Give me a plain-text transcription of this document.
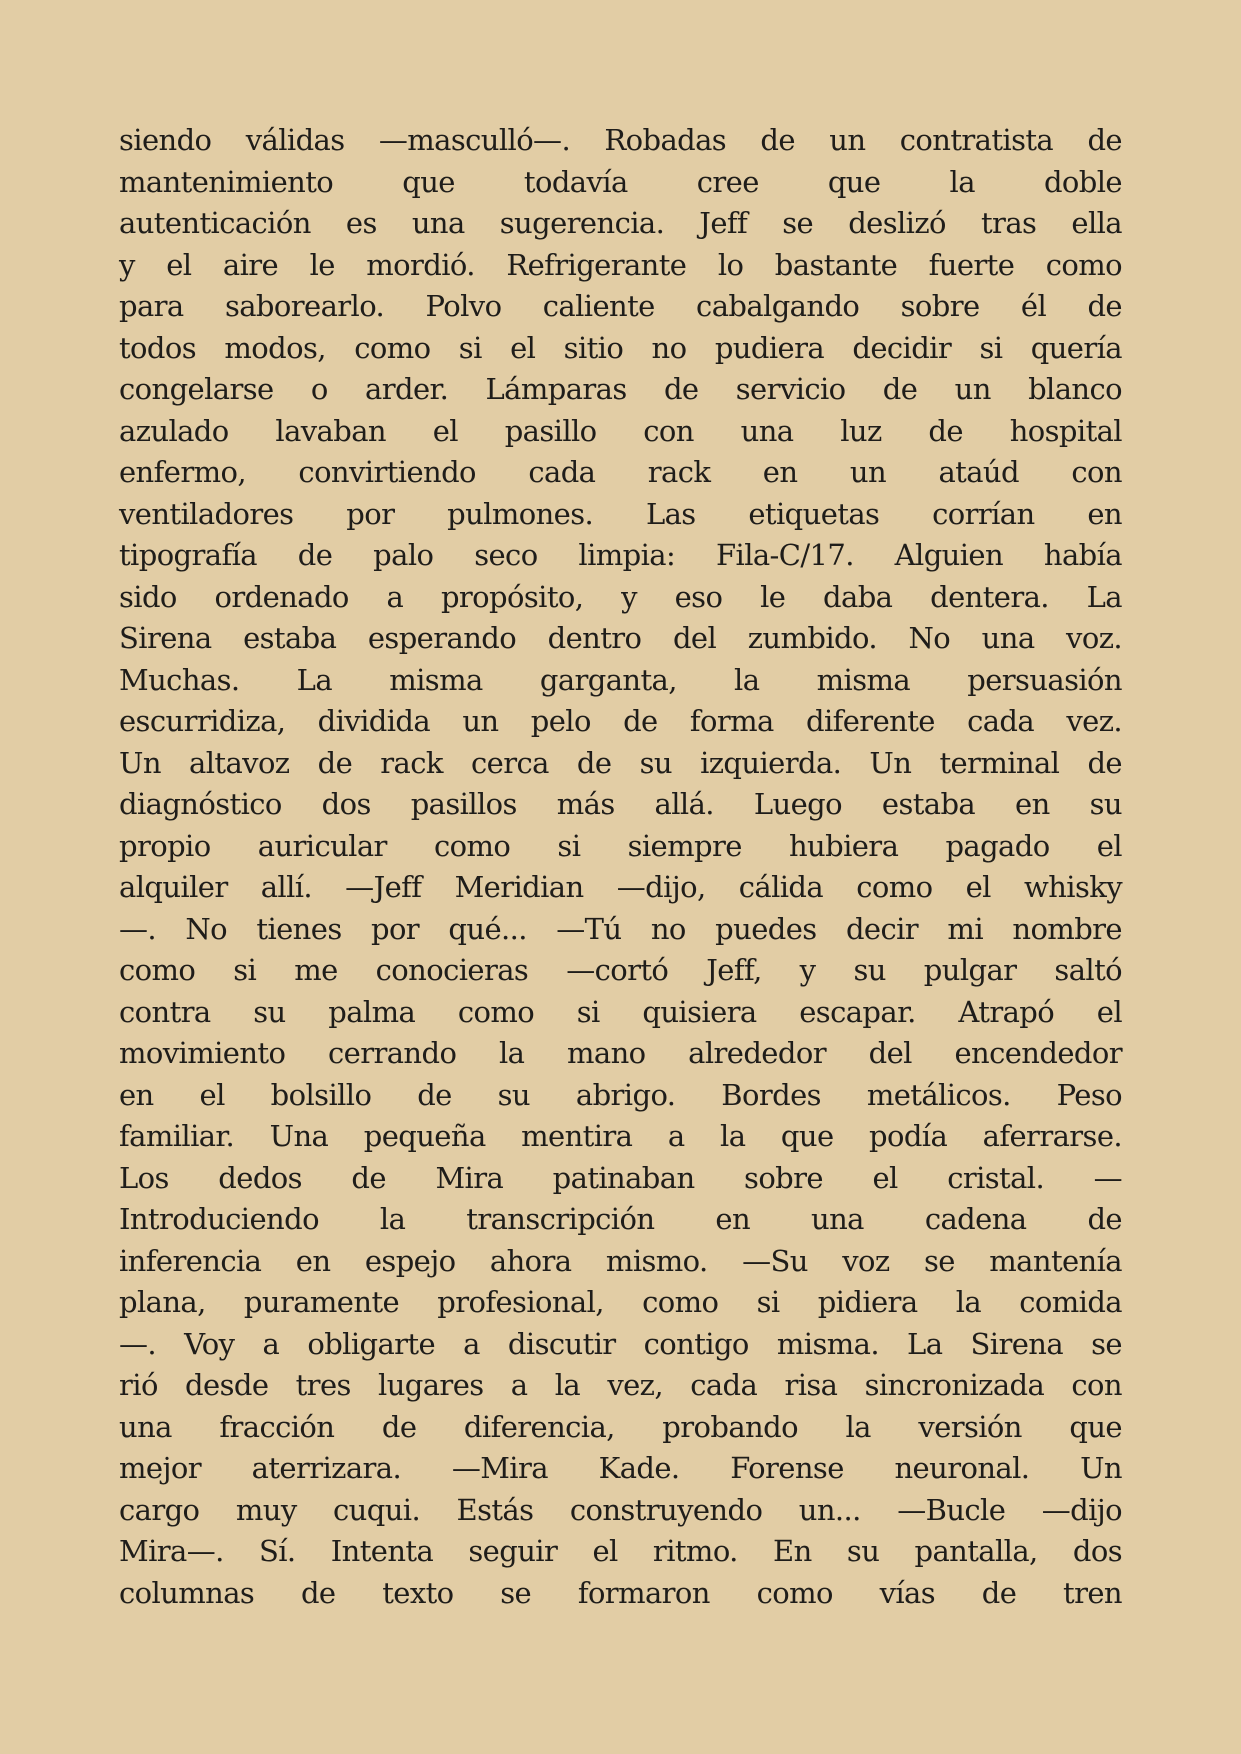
siendo válidas —masculló—. Robadas de un contratista de
mantenimiento que todavía cree que la doble
autenticación es una sugerencia. Jeff se deslizó tras ella
y el aire le mordió. Refrigerante lo bastante fuerte como
para saborearlo. Polvo caliente cabalgando sobre él de
todos modos, como si el sitio no pudiera decidir si quería
congelarse o arder. Lámparas de servicio de un blanco
azulado lavaban el pasillo con una luz de hospital
enfermo, convirtiendo cada rack en un ataúd con
ventiladores por pulmones. Las etiquetas corrían en
tipografía de palo seco limpia: Fila-C/17. Alguien había
sido ordenado a propósito, y eso le daba dentera. La
Sirena estaba esperando dentro del zumbido. No una voz.
Muchas. La misma garganta, la misma persuasión
escurridiza, dividida un pelo de forma diferente cada vez.
Un altavoz de rack cerca de su izquierda. Un terminal de
diagnóstico dos pasillos más allá. Luego estaba en su
propio auricular como si siempre hubiera pagado el
alquiler allí. —Jeff Meridian —dijo, cálida como el whisky
—. No tienes por qué... —Tú no puedes decir mi nombre
como si me conocieras —cortó Jeff, y su pulgar saltó
contra su palma como si quisiera escapar. Atrapó el
movimiento cerrando la mano alrededor del encendedor
en el bolsillo de su abrigo. Bordes metálicos. Peso
familiar. Una pequeña mentira a la que podía aferrarse.
Los dedos de Mira patinaban sobre el cristal. —
Introduciendo la transcripción en una cadena de
inferencia en espejo ahora mismo. —Su voz se mantenía
plana, puramente profesional, como si pidiera la comida
—. Voy a obligarte a discutir contigo misma. La Sirena se
rió desde tres lugares a la vez, cada risa sincronizada con
una fracción de diferencia, probando la versión que
mejor aterrizara. —Mira Kade. Forense neuronal. Un
cargo muy cuqui. Estás construyendo un... —Bucle —dijo
Mira—. Sí. Intenta seguir el ritmo. En su pantalla, dos
columnas de texto se formaron como vías de tren
